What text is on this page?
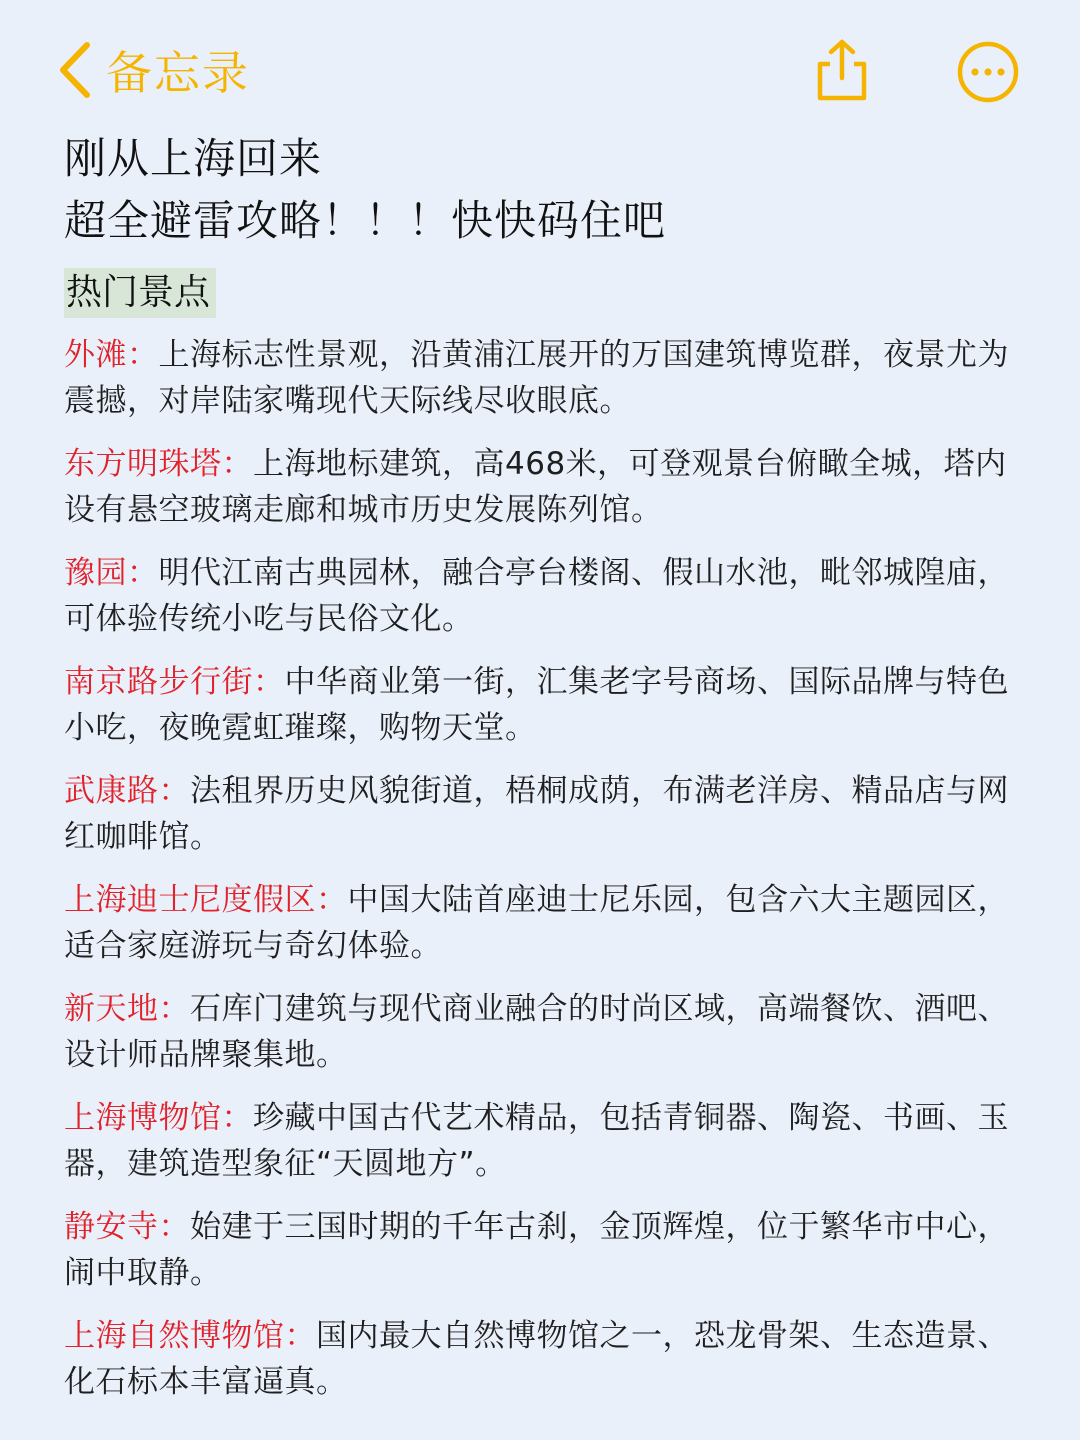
备忘录

刚从上海回来

超全避雷攻略！！！快快码住吧

热门景点

外滩：上海标志性景观，沿黄浦江展开的万国建筑博览群，夜景尤为震撼，对岸陆家嘴现代天际线尽收眼底。

东方明珠塔：上海地标建筑，高468米，可登观景台俯瞰全城，塔内设有悬空玻璃走廊和城市历史发展陈列馆。

豫园：明代江南古典园林，融合亭台楼阁、假山水池，毗邻城隍庙，可体验传统小吃与民俗文化。

南京路步行街：中华商业第一街，汇集老字号商场、国际品牌与特色小吃，夜晚霓虹璀璨，购物天堂。

武康路：法租界历史风貌街道，梧桐成荫，布满老洋房、精品店与网红咖啡馆。

上海迪士尼度假区：中国大陆首座迪士尼乐园，包含六大主题园区，适合家庭游玩与奇幻体验。

新天地：石库门建筑与现代商业融合的时尚区域，高端餐饮、酒吧、设计师品牌聚集地。

上海博物馆：珍藏中国古代艺术精品，包括青铜器、陶瓷、书画、玉器，建筑造型象征“天圆地方”。

静安寺：始建于三国时期的千年古刹，金顶辉煌，位于繁华市中心，闹中取静。

上海自然博物馆：国内最大自然博物馆之一，恐龙骨架、生态造景、化石标本丰富逼真。
